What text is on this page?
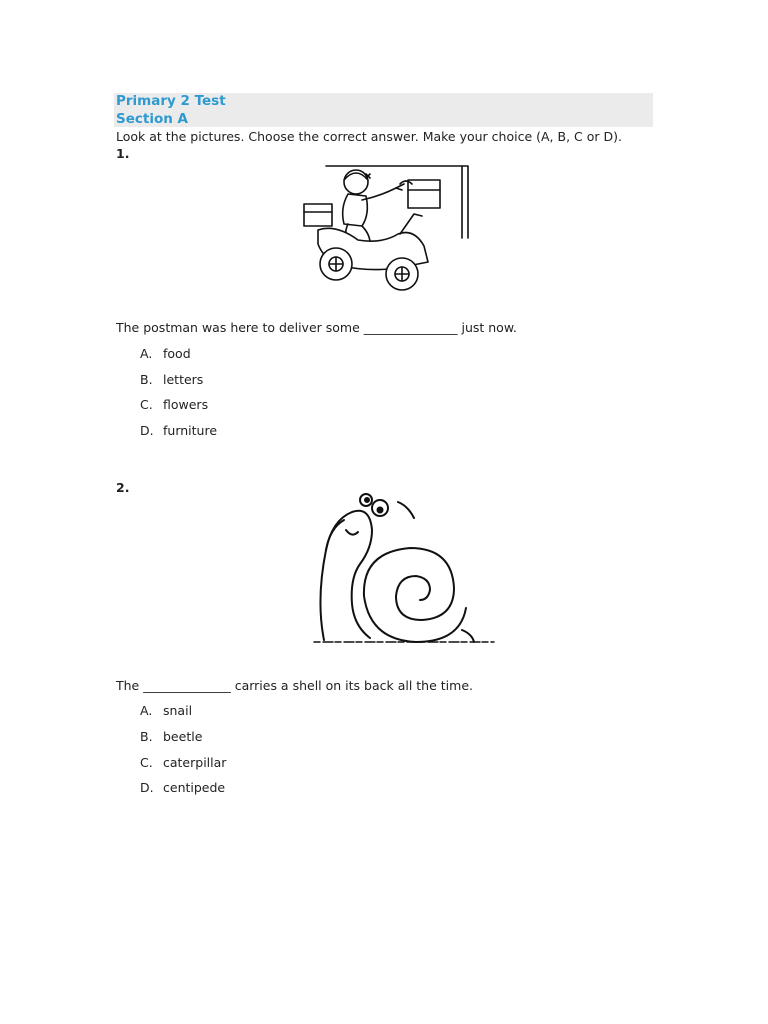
Primary 2 Test
Section A
Look at the pictures. Choose the correct answer. Make your choice (A, B, C or D).
1.
The postman was here to deliver some _______________ just now.
A. food
B. letters
C. flowers
D. furniture
2.
The ______________ carries a shell on its back all the time.
A. snail
B. beetle
C. caterpillar
D. centipede
